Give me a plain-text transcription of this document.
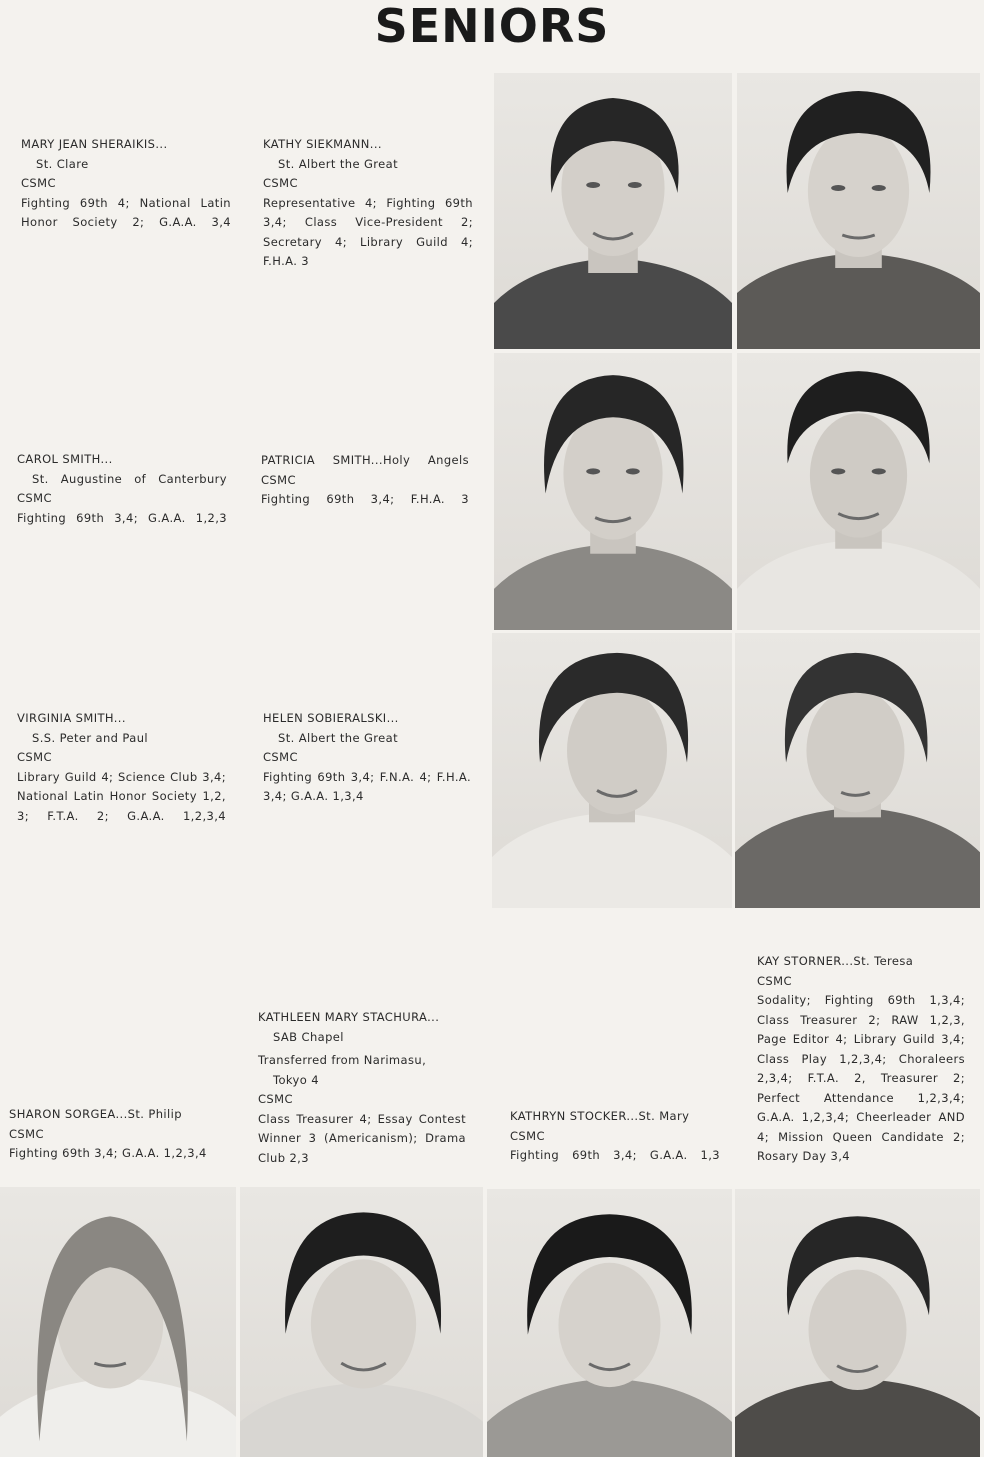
SENIORS
MARY JEAN SHERAIKIS...
St. Clare
CSMC
Fighting 69th 4; National Latin
Honor Society 2; G.A.A. 3,4
KATHY SIEKMANN...
St. Albert the Great
CSMC
Representative 4; Fighting 69th
3,4; Class Vice-President 2;
Secretary 4; Library Guild 4;
F.H.A. 3
CAROL SMITH...
St. Augustine of Canterbury
CSMC
Fighting 69th 3,4; G.A.A. 1,2,3
PATRICIA SMITH...Holy Angels
CSMC
Fighting 69th 3,4; F.H.A. 3
VIRGINIA SMITH...
S.S. Peter and Paul
CSMC
Library Guild 4; Science Club 3,4;
National Latin Honor Society 1,2,
3; F.T.A. 2; G.A.A. 1,2,3,4
HELEN SOBIERALSKI...
St. Albert the Great
CSMC
Fighting 69th 3,4; F.N.A. 4; F.H.A.
3,4; G.A.A. 1,3,4
KAY STORNER...St. Teresa
CSMC
Sodality; Fighting 69th 1,3,4;
Class Treasurer 2; RAW 1,2,3,
Page Editor 4; Library Guild 3,4;
Class Play 1,2,3,4; Choraleers
2,3,4; F.T.A. 2, Treasurer 2;
Perfect Attendance 1,2,3,4;
G.A.A. 1,2,3,4; Cheerleader AND
4; Mission Queen Candidate 2;
Rosary Day 3,4
KATHLEEN MARY STACHURA...
SAB Chapel
Transferred from Narimasu,
Tokyo 4
CSMC
Class Treasurer 4; Essay Contest
Winner 3 (Americanism); Drama
Club 2,3
SHARON SORGEA...St. Philip
CSMC
Fighting 69th 3,4; G.A.A. 1,2,3,4
KATHRYN STOCKER...St. Mary
CSMC
Fighting 69th 3,4; G.A.A. 1,3
